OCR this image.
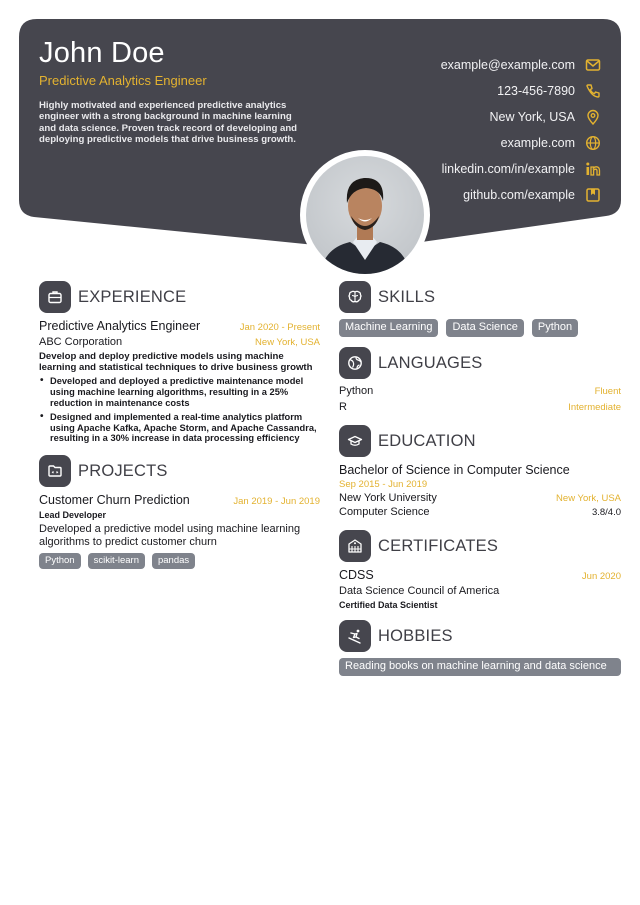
John Doe
Predictive Analytics Engineer
Highly motivated and experienced predictive analytics engineer with a strong background in machine learning and data science. Proven track record of developing and deploying predictive models that drive business growth.
example@example.com
123-456-7890
New York, USA
example.com
linkedin.com/in/example
github.com/example
EXPERIENCE
Predictive Analytics Engineer	Jan 2020 - Present
ABC Corporation	New York, USA
Develop and deploy predictive models using machine learning and statistical techniques to drive business growth
• Developed and deployed a predictive maintenance model using machine learning algorithms, resulting in a 25% reduction in maintenance costs
• Designed and implemented a real-time analytics platform using Apache Kafka, Apache Storm, and Apache Cassandra, resulting in a 30% increase in data processing efficiency
PROJECTS
Customer Churn Prediction	Jan 2019 - Jun 2019
Lead Developer
Developed a predictive model using machine learning algorithms to predict customer churn
Python	scikit-learn	pandas
SKILLS
Machine Learning	Data Science	Python
LANGUAGES
Python	Fluent
R	Intermediate
EDUCATION
Bachelor of Science in Computer Science
Sep 2015 - Jun 2019
New York University	New York, USA
Computer Science	3.8/4.0
CERTIFICATES
CDSS	Jun 2020
Data Science Council of America
Certified Data Scientist
HOBBIES
Reading books on machine learning and data science
